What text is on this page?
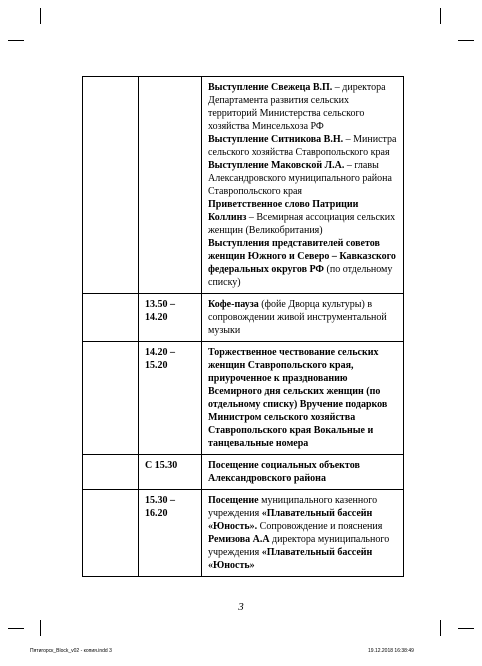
		Выступление Свежеца В.П. – директора Департамента развития сельских территорий Министерства сельского хозяйства Минсельхоза РФ

Выступление Ситникова В.Н. – Министра сельского хозяйства Ставропольского края

Выступление Маковской Л.А. – главы Александровского муниципального района Ставропольского края

Приветственное слово Патриции Коллинз – Всемирная ассоциация сельских женщин (Великобритания)

Выступления представителей советов женщин Южного и Северо – Кавказского федеральных округов РФ (по отдельному списку)

	13.50 – 14.20	Кофе-пауза (фойе Дворца культуры) в сопровождении живой инструментальной музыки

	14.20 – 15.20	Торжественное чествование сельских женщин Ставропольского края, приуроченное к празднованию Всемирного дня сельских женщин (по отдельному списку) Вручение подарков Министром сельского хозяйства Ставропольского края Вокальные и танцевальные номера

	С 15.30	Посещение социальных объектов Александровского района

	15.30 – 16.20	Посещение муниципального казенного учреждения «Плавательный бассейн «Юность». Сопровождение и пояснения Ремизова А.А директора муниципального учреждения «Плавательный бассейн «Юность»

3
Пятигорск_Block_v02 - копия.indd 3	19.12.2018 16:38:49
